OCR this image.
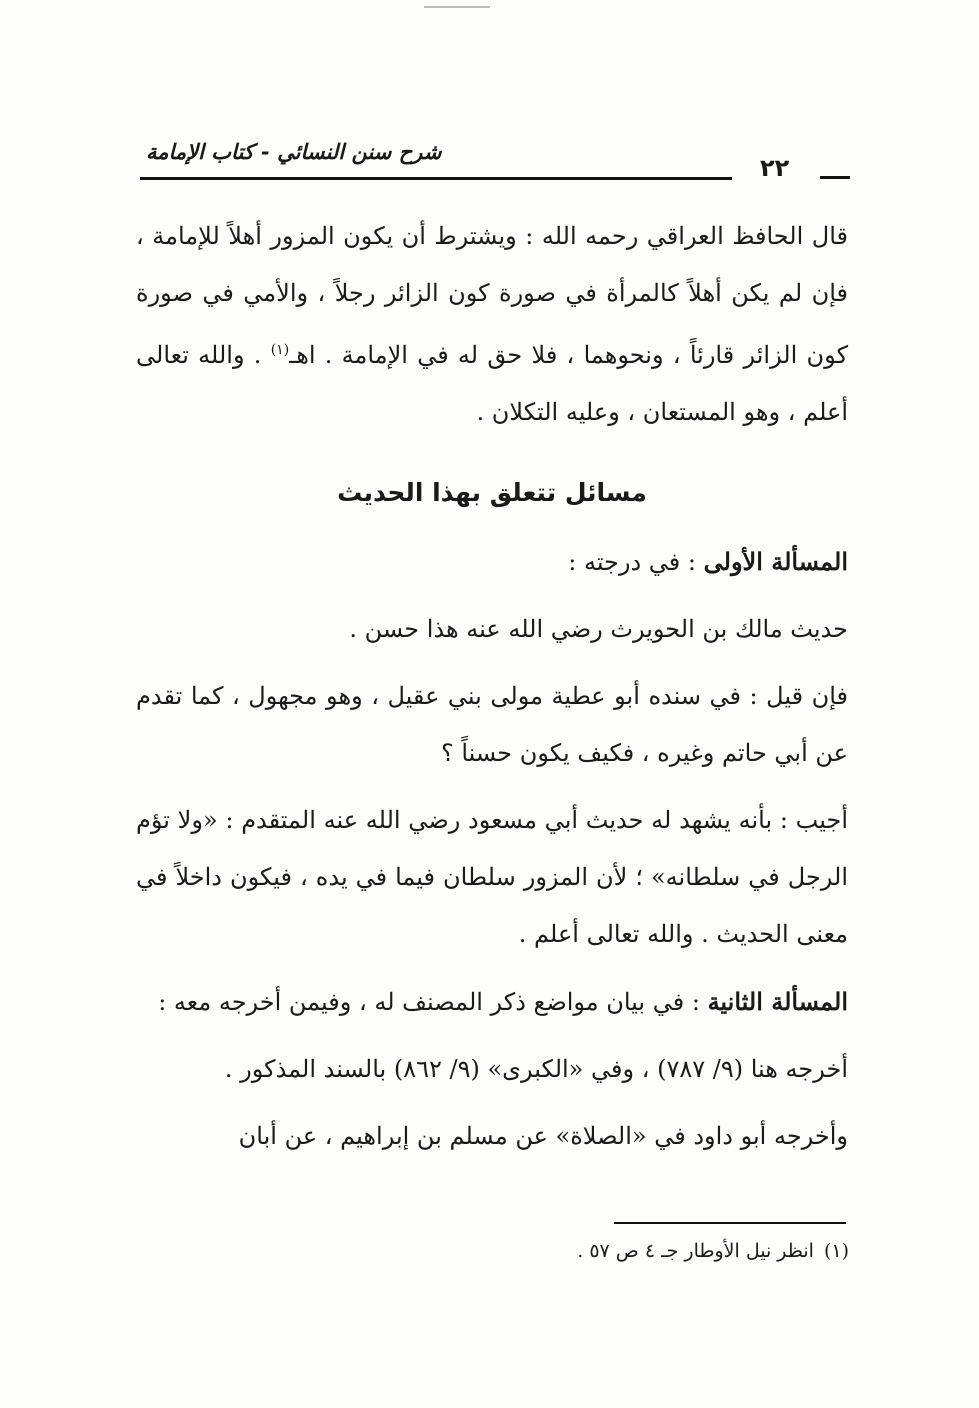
شرح سنن النسائي - كتاب الإمامة
٢٢

قال الحافظ العراقي رحمه الله : ويشترط أن يكون المزور أهلاً للإمامة ، فإن لم يكن أهلاً كالمرأة في صورة كون الزائر رجلاً ، والأمي في صورة كون الزائر قارئاً ، ونحوهما ، فلا حق له في الإمامة . اهـ$^{(١)}$ . والله تعالى أعلم ، وهو المستعان ، وعليه التكلان .

مسائل تتعلق بهذا الحديث

المسألة الأولى : في درجته :

حديث مالك بن الحويرث رضي الله عنه هذا حسن .

فإن قيل : في سنده أبو عطية مولى بني عقيل ، وهو مجهول ، كما تقدم عن أبي حاتم وغيره ، فكيف يكون حسناً ؟

أجيب : بأنه يشهد له حديث أبي مسعود رضي الله عنه المتقدم : «ولا تؤم الرجل في سلطانه» ؛ لأن المزور سلطان فيما في يده ، فيكون داخلاً في معنى الحديث . والله تعالى أعلم .

المسألة الثانية : في بيان مواضع ذكر المصنف له ، وفيمن أخرجه معه :

أخرجه هنا (٩/ ٧٨٧) ، وفي «الكبرى» (٩/ ٨٦٢) بالسند المذكور .

وأخرجه أبو داود في «الصلاة» عن مسلم بن إبراهيم ، عن أبان

(١)انظر نيل الأوطار جـ ٤ ص ٥٧ .
